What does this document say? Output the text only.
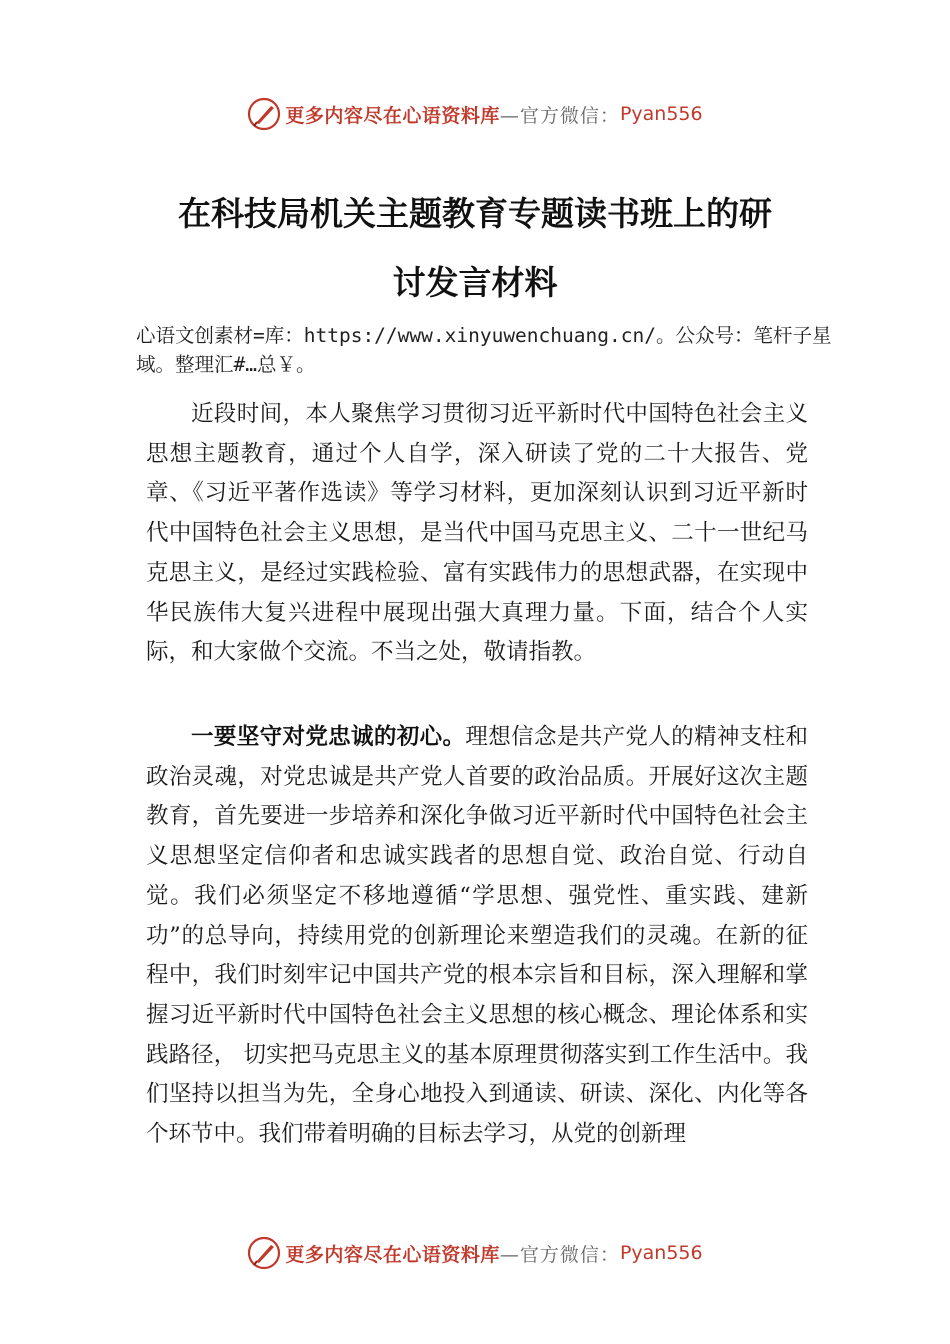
更多内容尽在心语资料库 —官方微信： Pyan556
在科技局机关主题教育专题读书班上的研
讨发言材料

心语文创素材=库：https://www.xinyuwenchuang.cn/。公众号：笔杆子星域。整理汇#…总￥。

近段时间，本人聚焦学习贯彻习近平新时代中国特色社会主义思想主题教育，通过个人自学，深入研读了党的二十大报告、党章、《习近平著作选读》等学习材料，更加深刻认识到习近平新时代中国特色社会主义思想，是当代中国马克思主义、二十一世纪马克思主义，是经过实践检验、富有实践伟力的思想武器，在实现中华民族伟大复兴进程中展现出强大真理力量。下面，结合个人实际，和大家做个交流。不当之处，敬请指教。

一要坚守对党忠诚的初心。理想信念是共产党人的精神支柱和政治灵魂，对党忠诚是共产党人首要的政治品质。开展好这次主题教育，首先要进一步培养和深化争做习近平新时代中国特色社会主义思想坚定信仰者和忠诚实践者的思想自觉、政治自觉、行动自觉。我们必须坚定不移地遵循“学思想、强党性、重实践、建新功”的总导向，持续用党的创新理论来塑造我们的灵魂。在新的征程中，我们时刻牢记中国共产党的根本宗旨和目标，深入理解和掌握习近平新时代中国特色社会主义思想的核心概念、理论体系和实践路径， 切实把马克思主义的基本原理贯彻落实到工作生活中。我们坚持以担当为先，全身心地投入到通读、研读、深化、内化等各个环节中。我们带着明确的目标去学习，从党的创新理

更多内容尽在心语资料库 —官方微信： Pyan556
